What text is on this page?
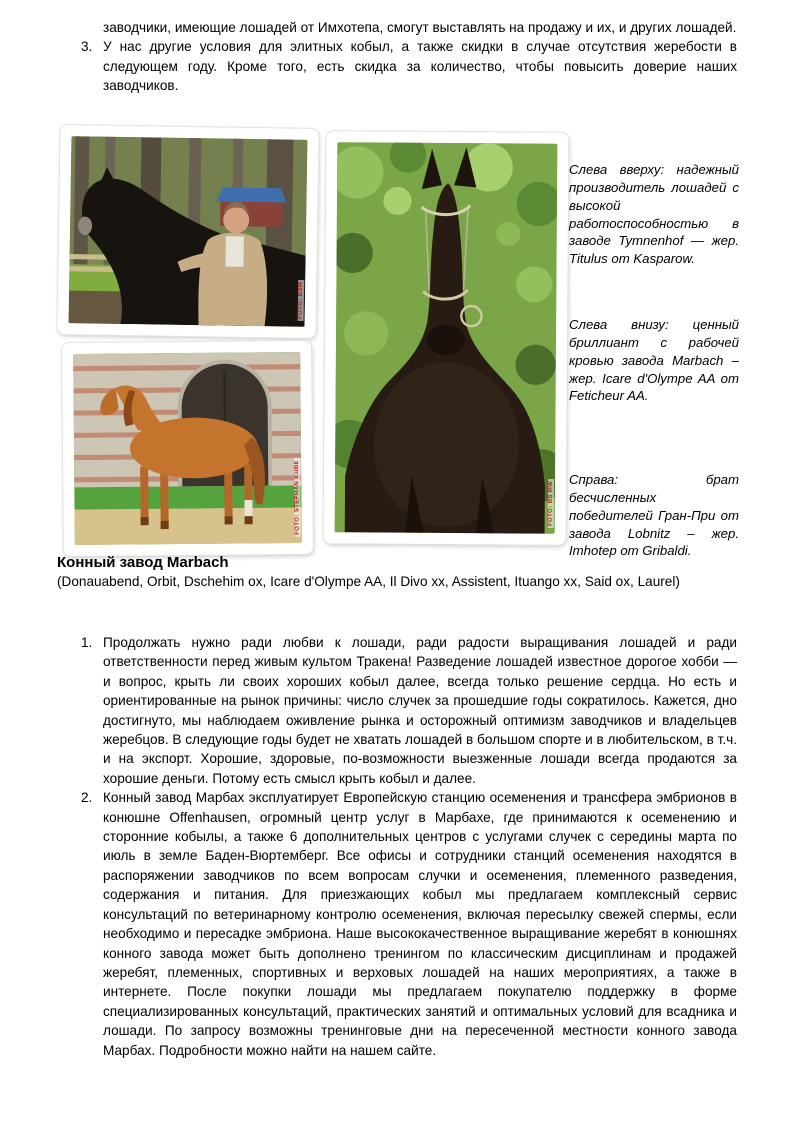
заводчики, имеющие лошадей от Имхотепа, смогут выставлять на продажу и их, и других лошадей.

3. У нас другие условия для элитных кобыл, а также скидки в случае отсутствия жеребости в следующем году. Кроме того, есть скидка за количество, чтобы повысить доверие наших заводчиков.
FOTO: BSM
FOTO: STEPHAN KUBE	FOTO: BS MW

Слева вверху: надежный производитель лошадей с высокой работоспособностью в заводе Tymnenhof — жер. Titulus от Kasparow.

Слева внизу: ценный бриллиант с рабочей кровью завода Marbach – жер. Icare d'Olympe AA от Feticheur AA.

Справа: брат бесчисленных победителей Гран-При от завода Lobnitz – жер. Imhotep от Gribaldi.

Конный завод Marbach

(Donauabend, Orbit, Dschehim ox, Icare d'Olympe AA, Il Divo xx, Assistent, Ituango xx, Said ox, Laurel)

1. Продолжать нужно ради любви к лошади, ради радости выращивания лошадей и ради ответственности перед живым культом Тракена! Разведение лошадей известное дорогое хобби — и вопрос, крыть ли своих хороших кобыл далее, всегда только решение сердца. Но есть и ориентированные на рынок причины: число случек за прошедшие годы сократилось. Кажется, дно достигнуто, мы наблюдаем оживление рынка и осторожный оптимизм заводчиков и владельцев жеребцов. В следующие годы будет не хватать лошадей в большом спорте и в любительском, в т.ч. и на экспорт. Хорошие, здоровые, по-возможности выезженные лошади всегда продаются за хорошие деньги. Потому есть смысл крыть кобыл и далее.
2. Конный завод Марбах эксплуатирует Европейскую станцию осеменения и трансфера эмбрионов в конюшне Offenhausen, огромный центр услуг в Марбахе, где принимаются к осеменению и сторонние кобылы, а также 6 дополнительных центров с услугами случек с середины марта по июль в земле Баден-Вюртемберг. Все офисы и сотрудники станций осеменения находятся в распоряжении заводчиков по всем вопросам случки и осеменения, племенного разведения, содержания и питания. Для приезжающих кобыл мы предлагаем комплексный сервис консультаций по ветеринарному контролю осеменения, включая пересылку свежей спермы, если необходимо и пересадке эмбриона. Наше высококачественное выращивание жеребят в конюшнях конного завода может быть дополнено тренингом по классическим дисциплинам и продажей жеребят, племенных, спортивных и верховых лошадей на наших мероприятиях, а также в интернете. После покупки лошади мы предлагаем покупателю поддержку в форме специализированных консультаций, практических занятий и оптимальных условий для всадника и лошади. По запросу возможны тренинговые дни на пересеченной местности конного завода Марбах. Подробности можно найти на нашем сайте.
